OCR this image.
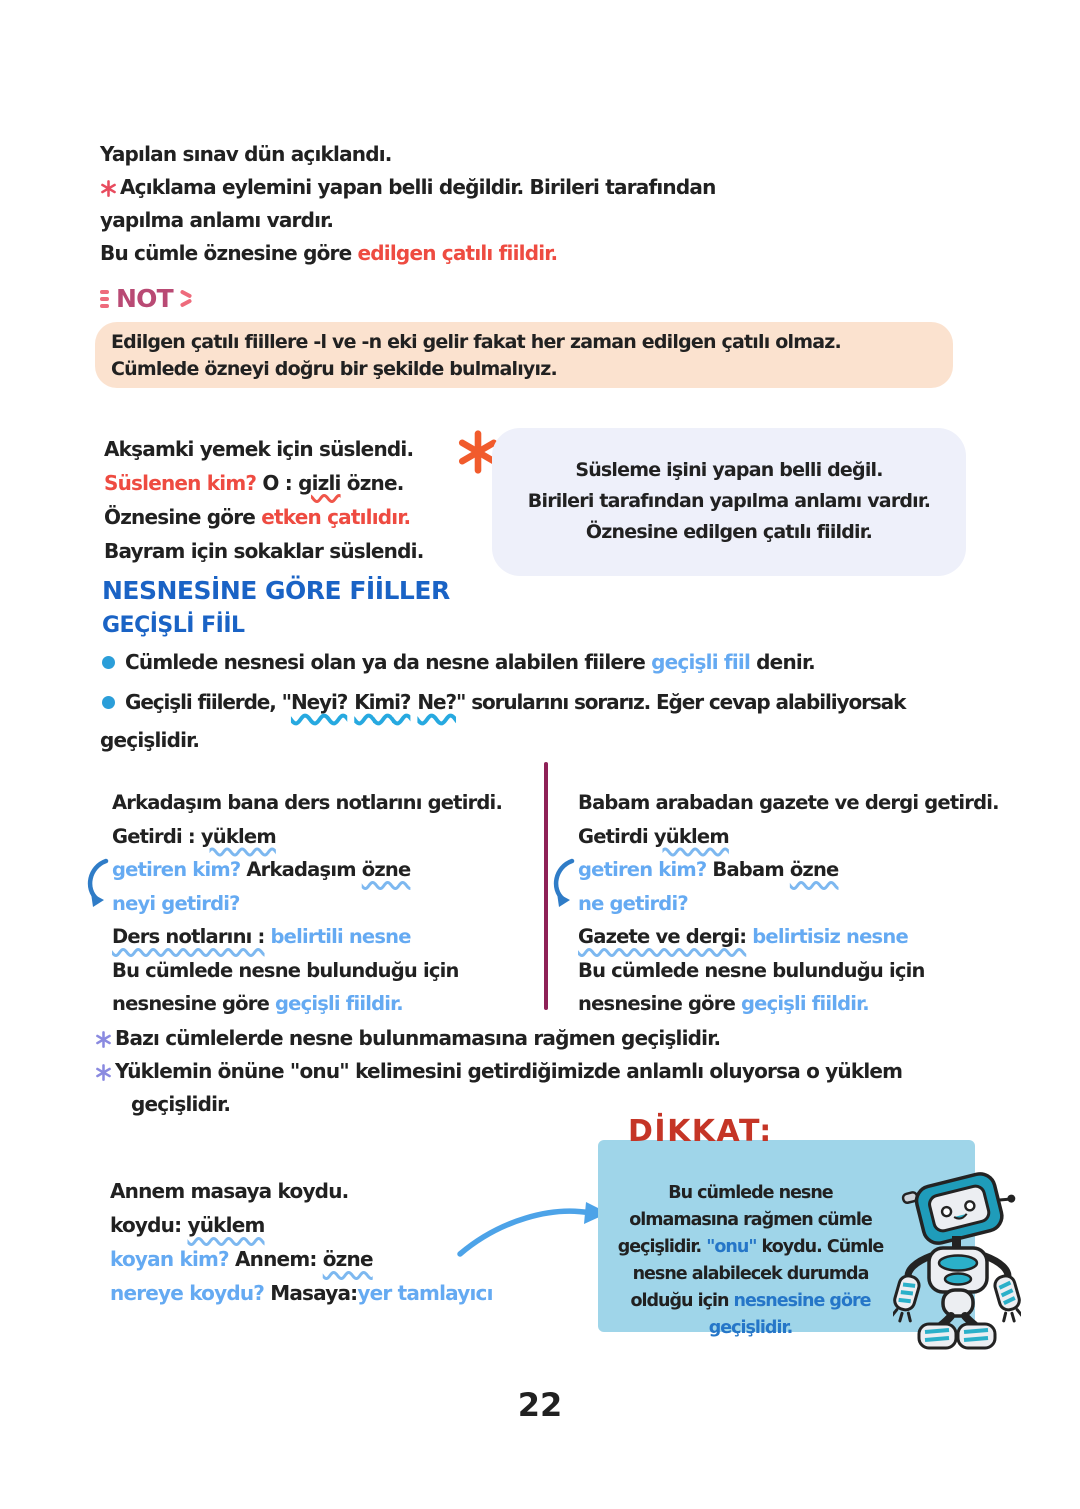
Yapılan sınav dün açıklandı.
Açıklama eylemini yapan belli değildir. Birileri tarafından
yapılma anlamı vardır.
Bu cümle öznesine göre edilgen çatılı fiildir.
NOT
Edilgen çatılı fiillere -l ve -n eki gelir fakat her zaman edilgen çatılı olmaz.
Cümlede özneyi doğru bir şekilde bulmalıyız.
Akşamki yemek için süslendi.
Süslenen kim? O : gizli özne.
Öznesine göre etken çatılıdır.
Bayram için sokaklar süslendi.
Süsleme işini yapan belli değil.
Birileri tarafından yapılma anlamı vardır.
Öznesine edilgen çatılı fiildir.
NESNESİNE GÖRE FİİLLER
GEÇİŞLİ FİİL
Cümlede nesnesi olan ya da nesne alabilen fiilere geçişli fiil denir.
Geçişli fiilerde, "Neyi? Kimi? Ne?" sorularını sorarız. Eğer cevap alabiliyorsak
geçişlidir.
Arkadaşım bana ders notlarını getirdi.
Getirdi : yüklem
getiren kim? Arkadaşım özne
neyi getirdi?
Ders notlarını : belirtili nesne
Bu cümlede nesne bulunduğu için
nesnesine göre geçişli fiildir.
Babam arabadan gazete ve dergi getirdi.
Getirdi yüklem
getiren kim? Babam özne
ne getirdi?
Gazete ve dergi: belirtisiz nesne
Bu cümlede nesne bulunduğu için
nesnesine göre geçişli fiildir.
Bazı cümlelerde nesne bulunmamasına rağmen geçişlidir.
Yüklemin önüne "onu" kelimesini getirdiğimizde anlamlı oluyorsa o yüklem
geçişlidir.
Annem masaya koydu.
koydu: yüklem
koyan kim? Annem: özne
nereye koydu? Masaya:yer tamlayıcı
DİKKAT:
Bu cümlede nesne olmamasına rağmen cümle geçişlidir. "onu" koydu. Cümle nesne alabilecek durumda olduğu için nesnesine göre geçişlidir.
22
